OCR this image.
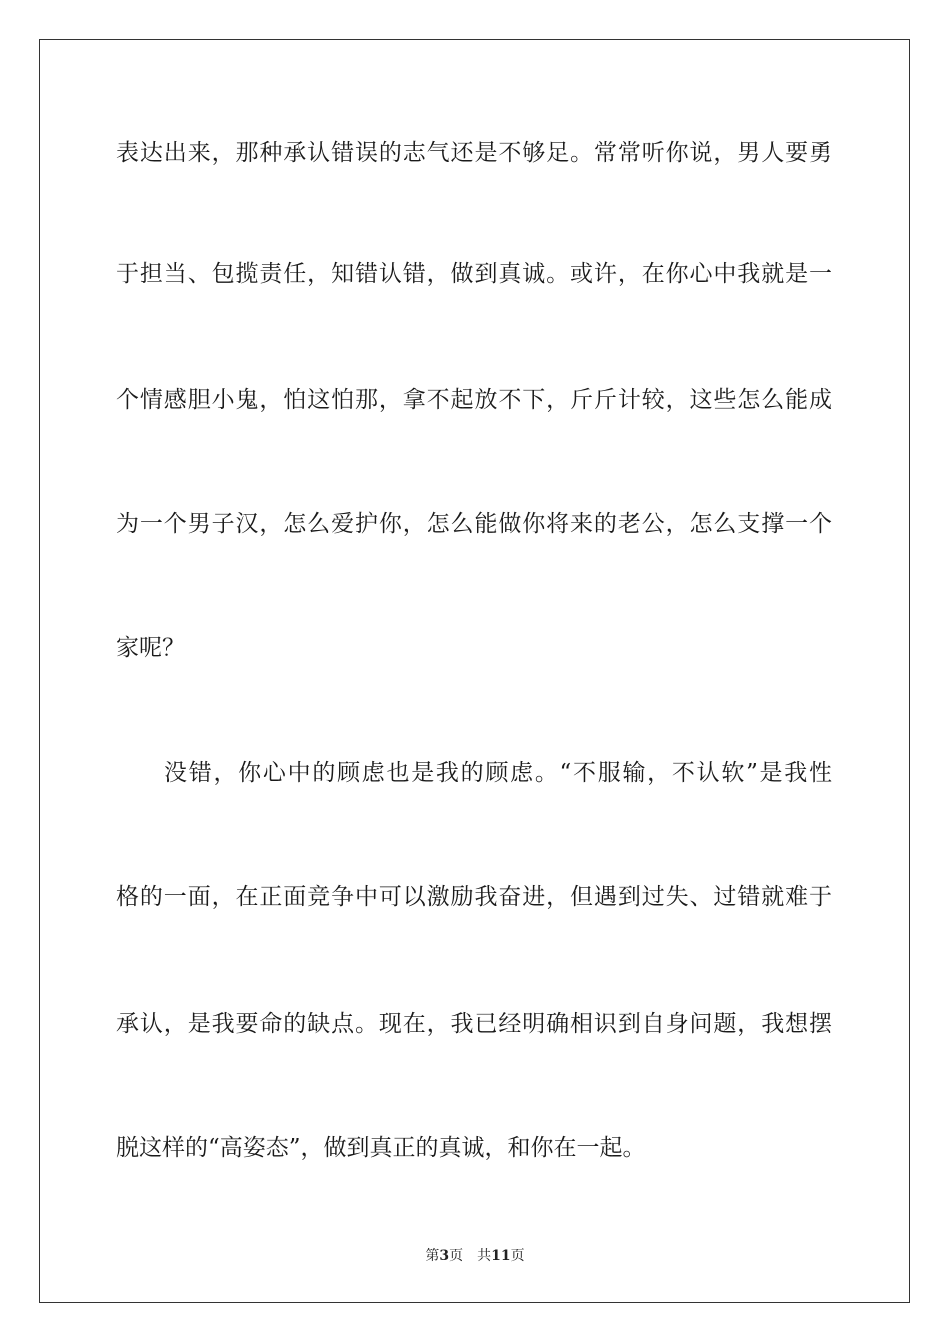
表达出来，那种承认错误的志气还是不够足。常常听你说，男人要勇
于担当、包揽责任，知错认错，做到真诚。或许，在你心中我就是一
个情感胆小鬼，怕这怕那，拿不起放不下，斤斤计较，这些怎么能成
为一个男子汉，怎么爱护你，怎么能做你将来的老公，怎么支撑一个
家呢？
没错，你心中的顾虑也是我的顾虑。“不服输，不认软”是我性
格的一面，在正面竞争中可以激励我奋进，但遇到过失、过错就难于
承认，是我要命的缺点。现在，我已经明确相识到自身问题，我想摆
脱这样的“高姿态”，做到真正的真诚，和你在一起。
第3页 共11页
